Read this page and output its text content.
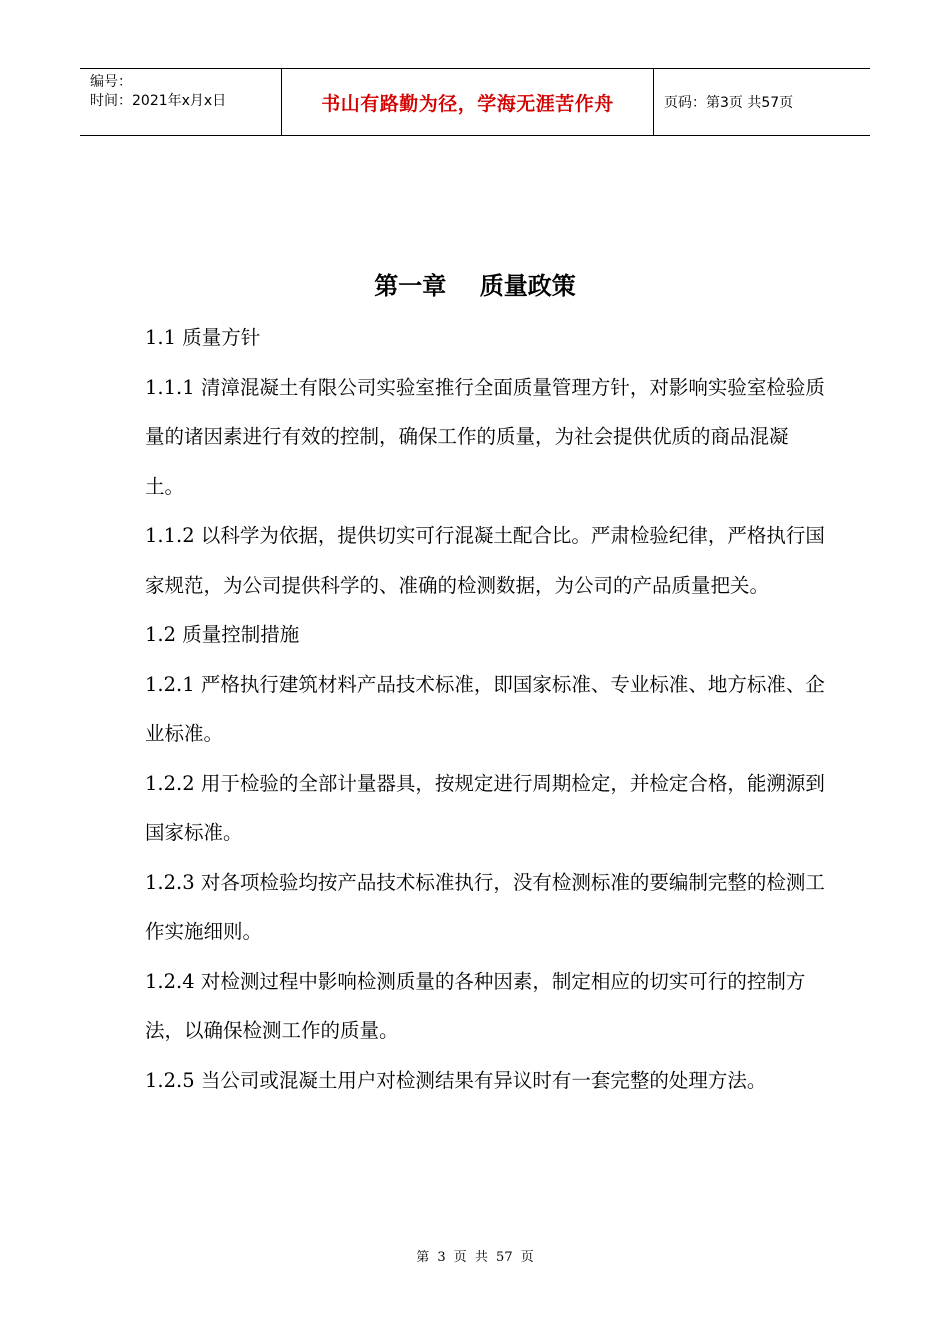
编号：
时间：2021年x月x日	书山有路勤为径，学海无涯苦作舟	页码：第3页 共57页
第一章    质量政策

1.1 质量方针

1.1.1 清漳混凝土有限公司实验室推行全面质量管理方针，对影响实验室检验质量的诸因素进行有效的控制，确保工作的质量，为社会提供优质的商品混凝土。

1.1.2 以科学为依据，提供切实可行混凝土配合比。严肃检验纪律，严格执行国家规范，为公司提供科学的、准确的检测数据，为公司的产品质量把关。

1.2 质量控制措施

1.2.1 严格执行建筑材料产品技术标准，即国家标准、专业标准、地方标准、企业标准。

1.2.2 用于检验的全部计量器具，按规定进行周期检定，并检定合格，能溯源到国家标准。

1.2.3 对各项检验均按产品技术标准执行，没有检测标准的要编制完整的检测工作实施细则。

1.2.4 对检测过程中影响检测质量的各种因素，制定相应的切实可行的控制方法，以确保检测工作的质量。

1.2.5 当公司或混凝土用户对检测结果有异议时有一套完整的处理方法。

第 3 页 共 57 页
